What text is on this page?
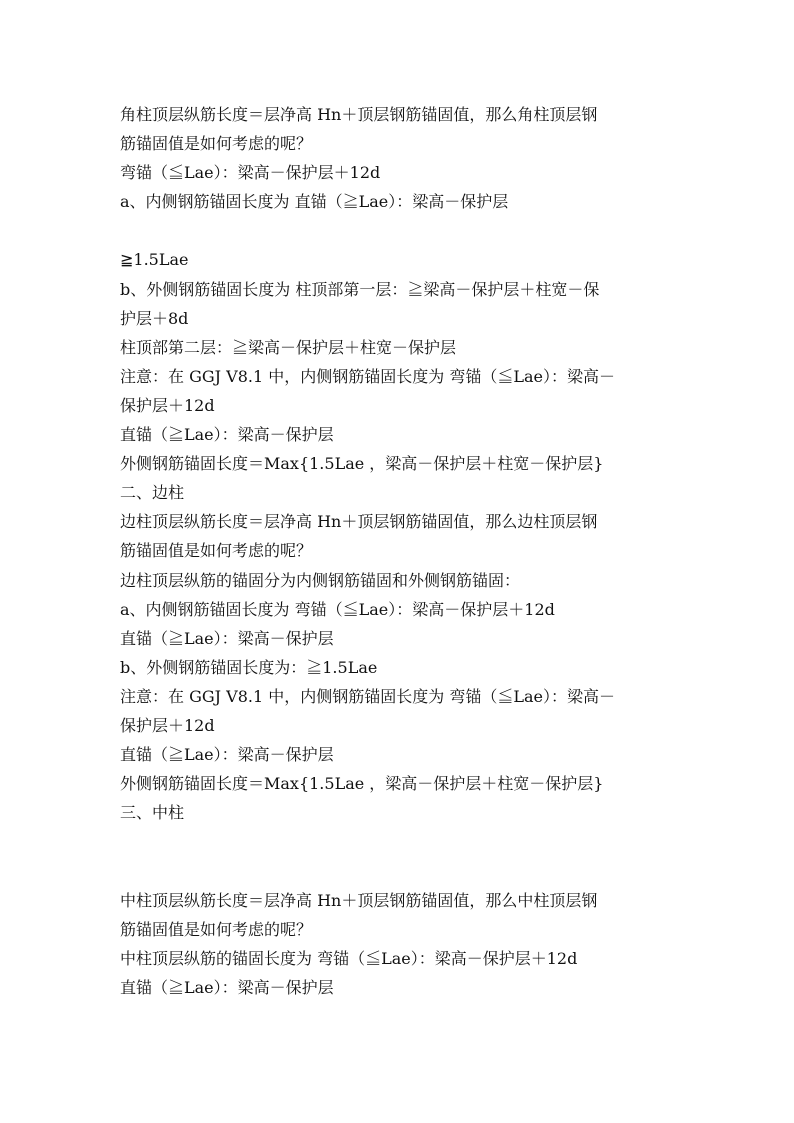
角柱顶层纵筋长度＝层净高 Hn＋顶层钢筋锚固值，那么角柱顶层钢
筋锚固值是如何考虑的呢？
弯锚（≦Lae）：梁高－保护层＋12d
a、内侧钢筋锚固长度为 直锚（≧Lae）：梁高－保护层
≧1.5Lae
b、外侧钢筋锚固长度为 柱顶部第一层：≧梁高－保护层＋柱宽－保
护层＋8d
柱顶部第二层：≧梁高－保护层＋柱宽－保护层
注意：在 GGJ V8.1 中，内侧钢筋锚固长度为 弯锚（≦Lae）：梁高－
保护层＋12d
直锚（≧Lae）：梁高－保护层
外侧钢筋锚固长度＝Max{1.5Lae ，梁高－保护层＋柱宽－保护层}
二、边柱
边柱顶层纵筋长度＝层净高 Hn＋顶层钢筋锚固值，那么边柱顶层钢
筋锚固值是如何考虑的呢？
边柱顶层纵筋的锚固分为内侧钢筋锚固和外侧钢筋锚固：
a、内侧钢筋锚固长度为 弯锚（≦Lae）：梁高－保护层＋12d
直锚（≧Lae）：梁高－保护层
b、外侧钢筋锚固长度为：≧1.5Lae
注意：在 GGJ V8.1 中，内侧钢筋锚固长度为 弯锚（≦Lae）：梁高－
保护层＋12d
直锚（≧Lae）：梁高－保护层
外侧钢筋锚固长度＝Max{1.5Lae ，梁高－保护层＋柱宽－保护层}
三、中柱
中柱顶层纵筋长度＝层净高 Hn＋顶层钢筋锚固值，那么中柱顶层钢
筋锚固值是如何考虑的呢？
中柱顶层纵筋的锚固长度为 弯锚（≦Lae）：梁高－保护层＋12d
直锚（≧Lae）：梁高－保护层
